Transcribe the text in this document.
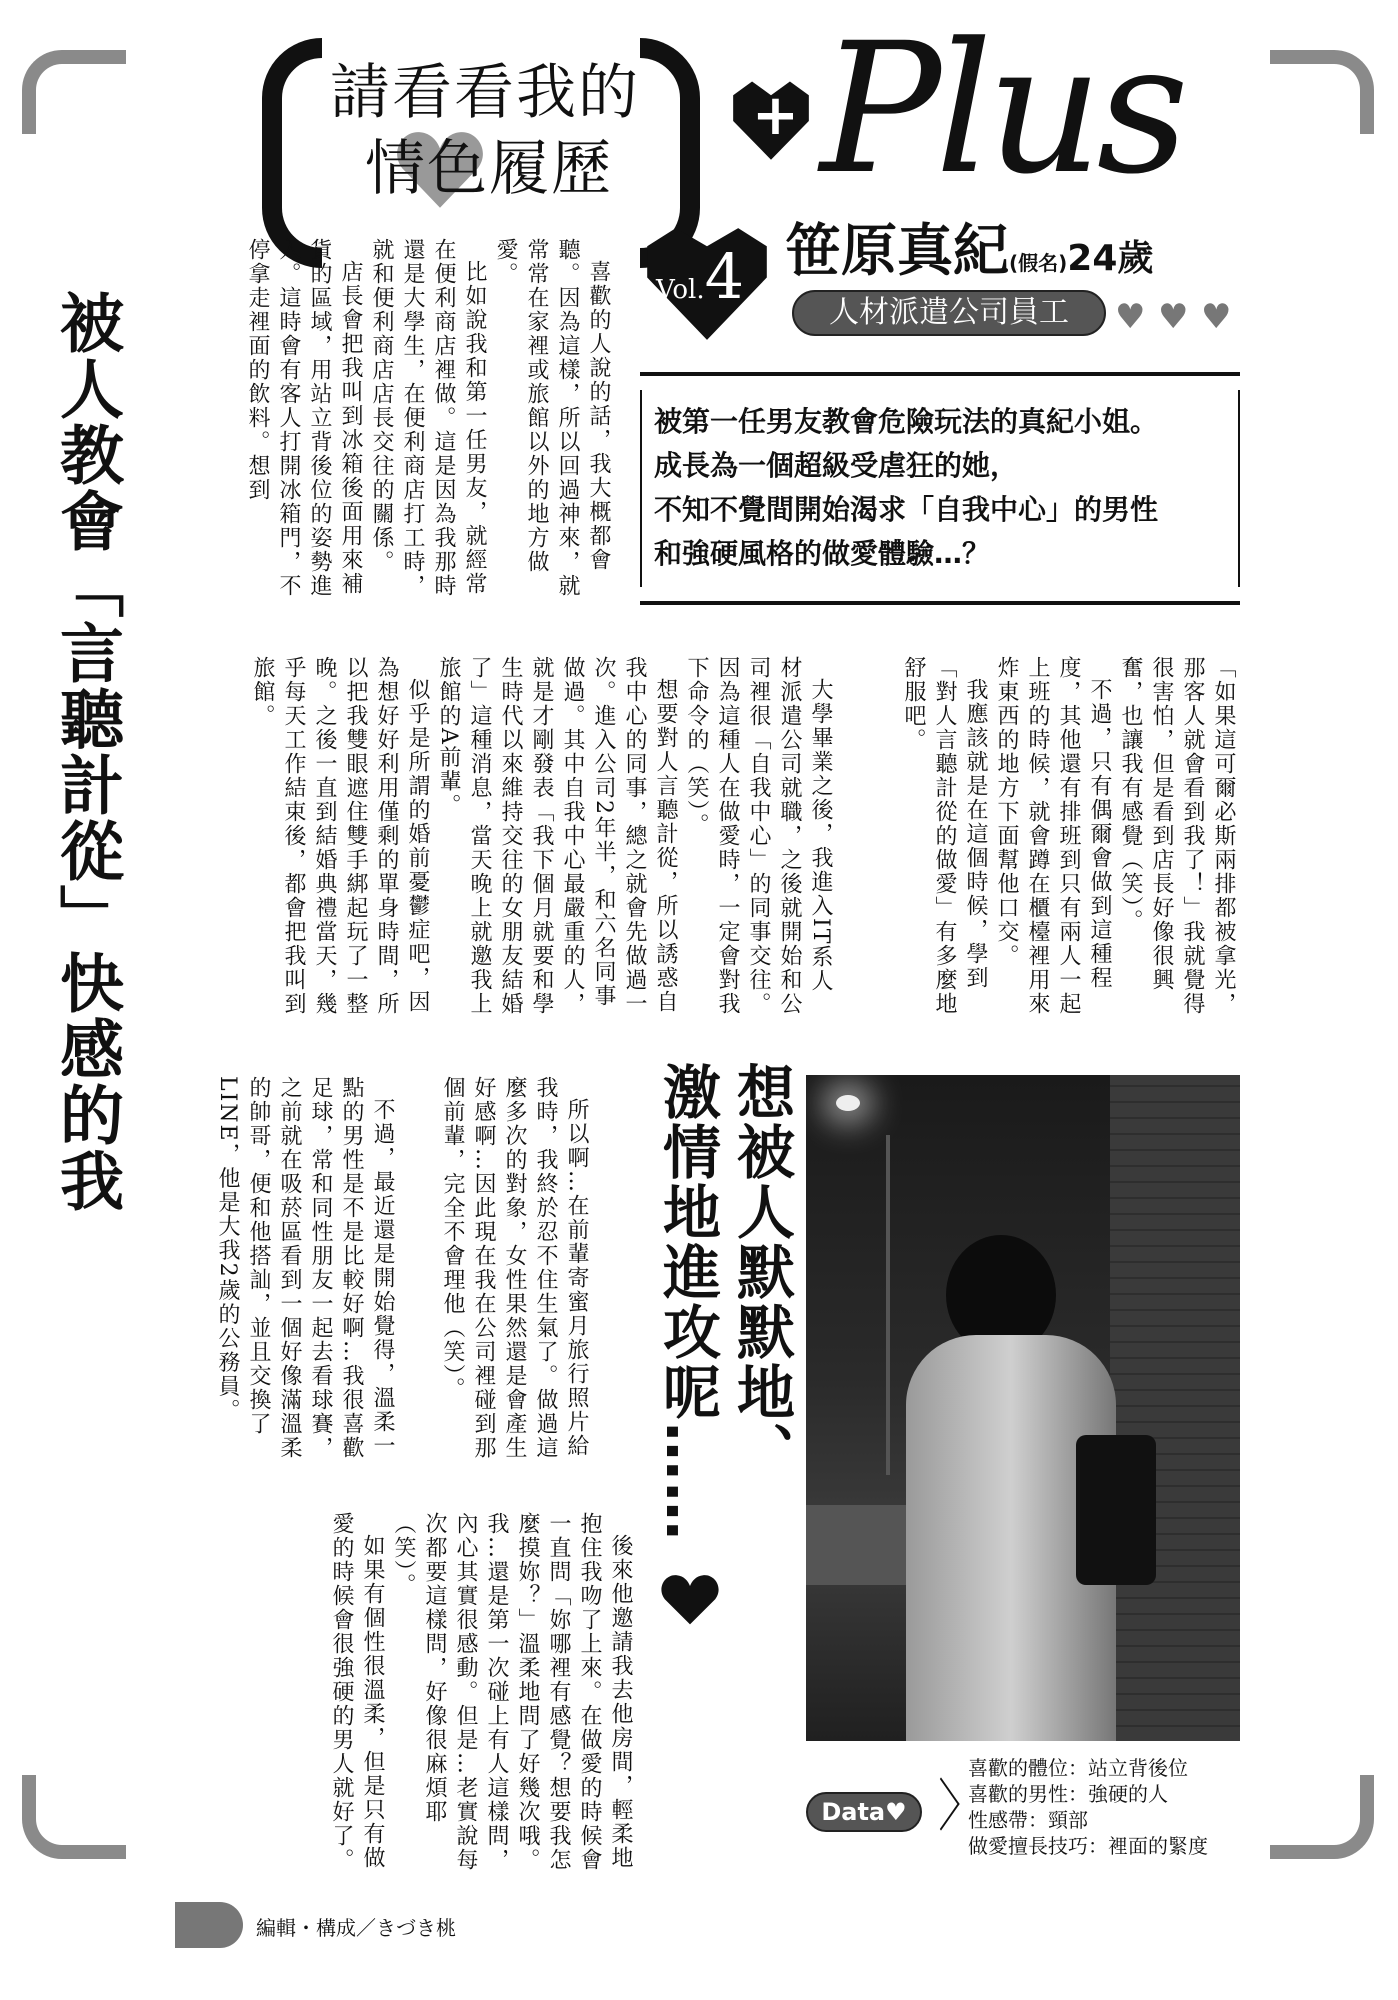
請看看我的
情色履歷
+ Plus
Vol.4 笹原真紀(假名)24歲
人材派遣公司員工	♥ ♥ ♥
被第一任男友教會危險玩法的真紀小姐。
成長為一個超級受虐狂的她，
不知不覺間開始渴求「自我中心」的男性
和強硬風格的做愛體驗…？
被人教會「言聽計從」快感的我	喜歡的人說的話，我大概都會聽。因為這樣，所以回過神來，就常常在家裡或旅館以外的地方做愛。

比如說我和第一任男友，就經常在便利商店裡做。這是因為我那時還是大學生，在便利商店打工時，就和便利商店店長交往的關係。

店長會把我叫到冰箱後面用來補貨的區域，用站立背後位的姿勢進入。這時會有客人打開冰箱門，不停拿走裡面的飲料。想到

「如果這可爾必斯兩排都被拿光，那客人就會看到我了！」我就覺得很害怕，但是看到店長好像很興奮，也讓我有感覺（笑）。

不過，只有偶爾會做到這種程度，其他還有排班到只有兩人一起上班的時候，就會蹲在櫃檯裡用來炸東西的地方下面幫他口交。

我應該就是在這個時候，學到「對人言聽計從的做愛」有多麼地舒服吧。

大學畢業之後，我進入IT系人材派遣公司就職，之後就開始和公司裡很「自我中心」的同事交往。因為這種人在做愛時，一定會對我下命令的（笑）。

想要對人言聽計從，所以誘惑自我中心的同事，總之就會先做過一次。進入公司2年半，和六名同事做過。其中自我中心最嚴重的人，就是才剛發表「我下個月就要和學生時代以來維持交往的女朋友結婚了」這種消息，當天晚上就邀我上旅館的A前輩。

似乎是所謂的婚前憂鬱症吧，因為想好好利用僅剩的單身時間，所以把我雙眼遮住雙手綁起玩了一整晚。之後一直到結婚典禮當天，幾乎每天工作結束後，都會把我叫到旅館。

所以啊…在前輩寄蜜月旅行照片給我時，我終於忍不住生氣了。做過這麼多次的對象，女性果然還是會產生好感啊…因此現在我在公司裡碰到那個前輩，完全不會理他（笑）。

不過，最近還是開始覺得，溫柔一點的男性是不是比較好啊…我很喜歡足球，常和同性朋友一起去看球賽，之前就在吸菸區看到一個好像滿溫柔的帥哥，便和他搭訕，並且交換了LINE，他是大我2歲的公務員。

後來他邀請我去他房間，輕柔地抱住我吻了上來。在做愛的時候會一直問「妳哪裡有感覺？想要我怎麼摸妳？」溫柔地問了好幾次哦。我…還是第一次碰上有人這樣問，內心其實很感動。但是…老實說每次都要這樣問，好像很麻煩耶（笑）。

如果有個性很溫柔，但是只有做愛的時候會很強硬的男人就好了。

想被人默默地、
激情地進攻呢……
Data♥
喜歡的體位：站立背後位
喜歡的男性：強硬的人
性感帶：頸部
做愛擅長技巧：裡面的緊度
編輯・構成／きづき桃
